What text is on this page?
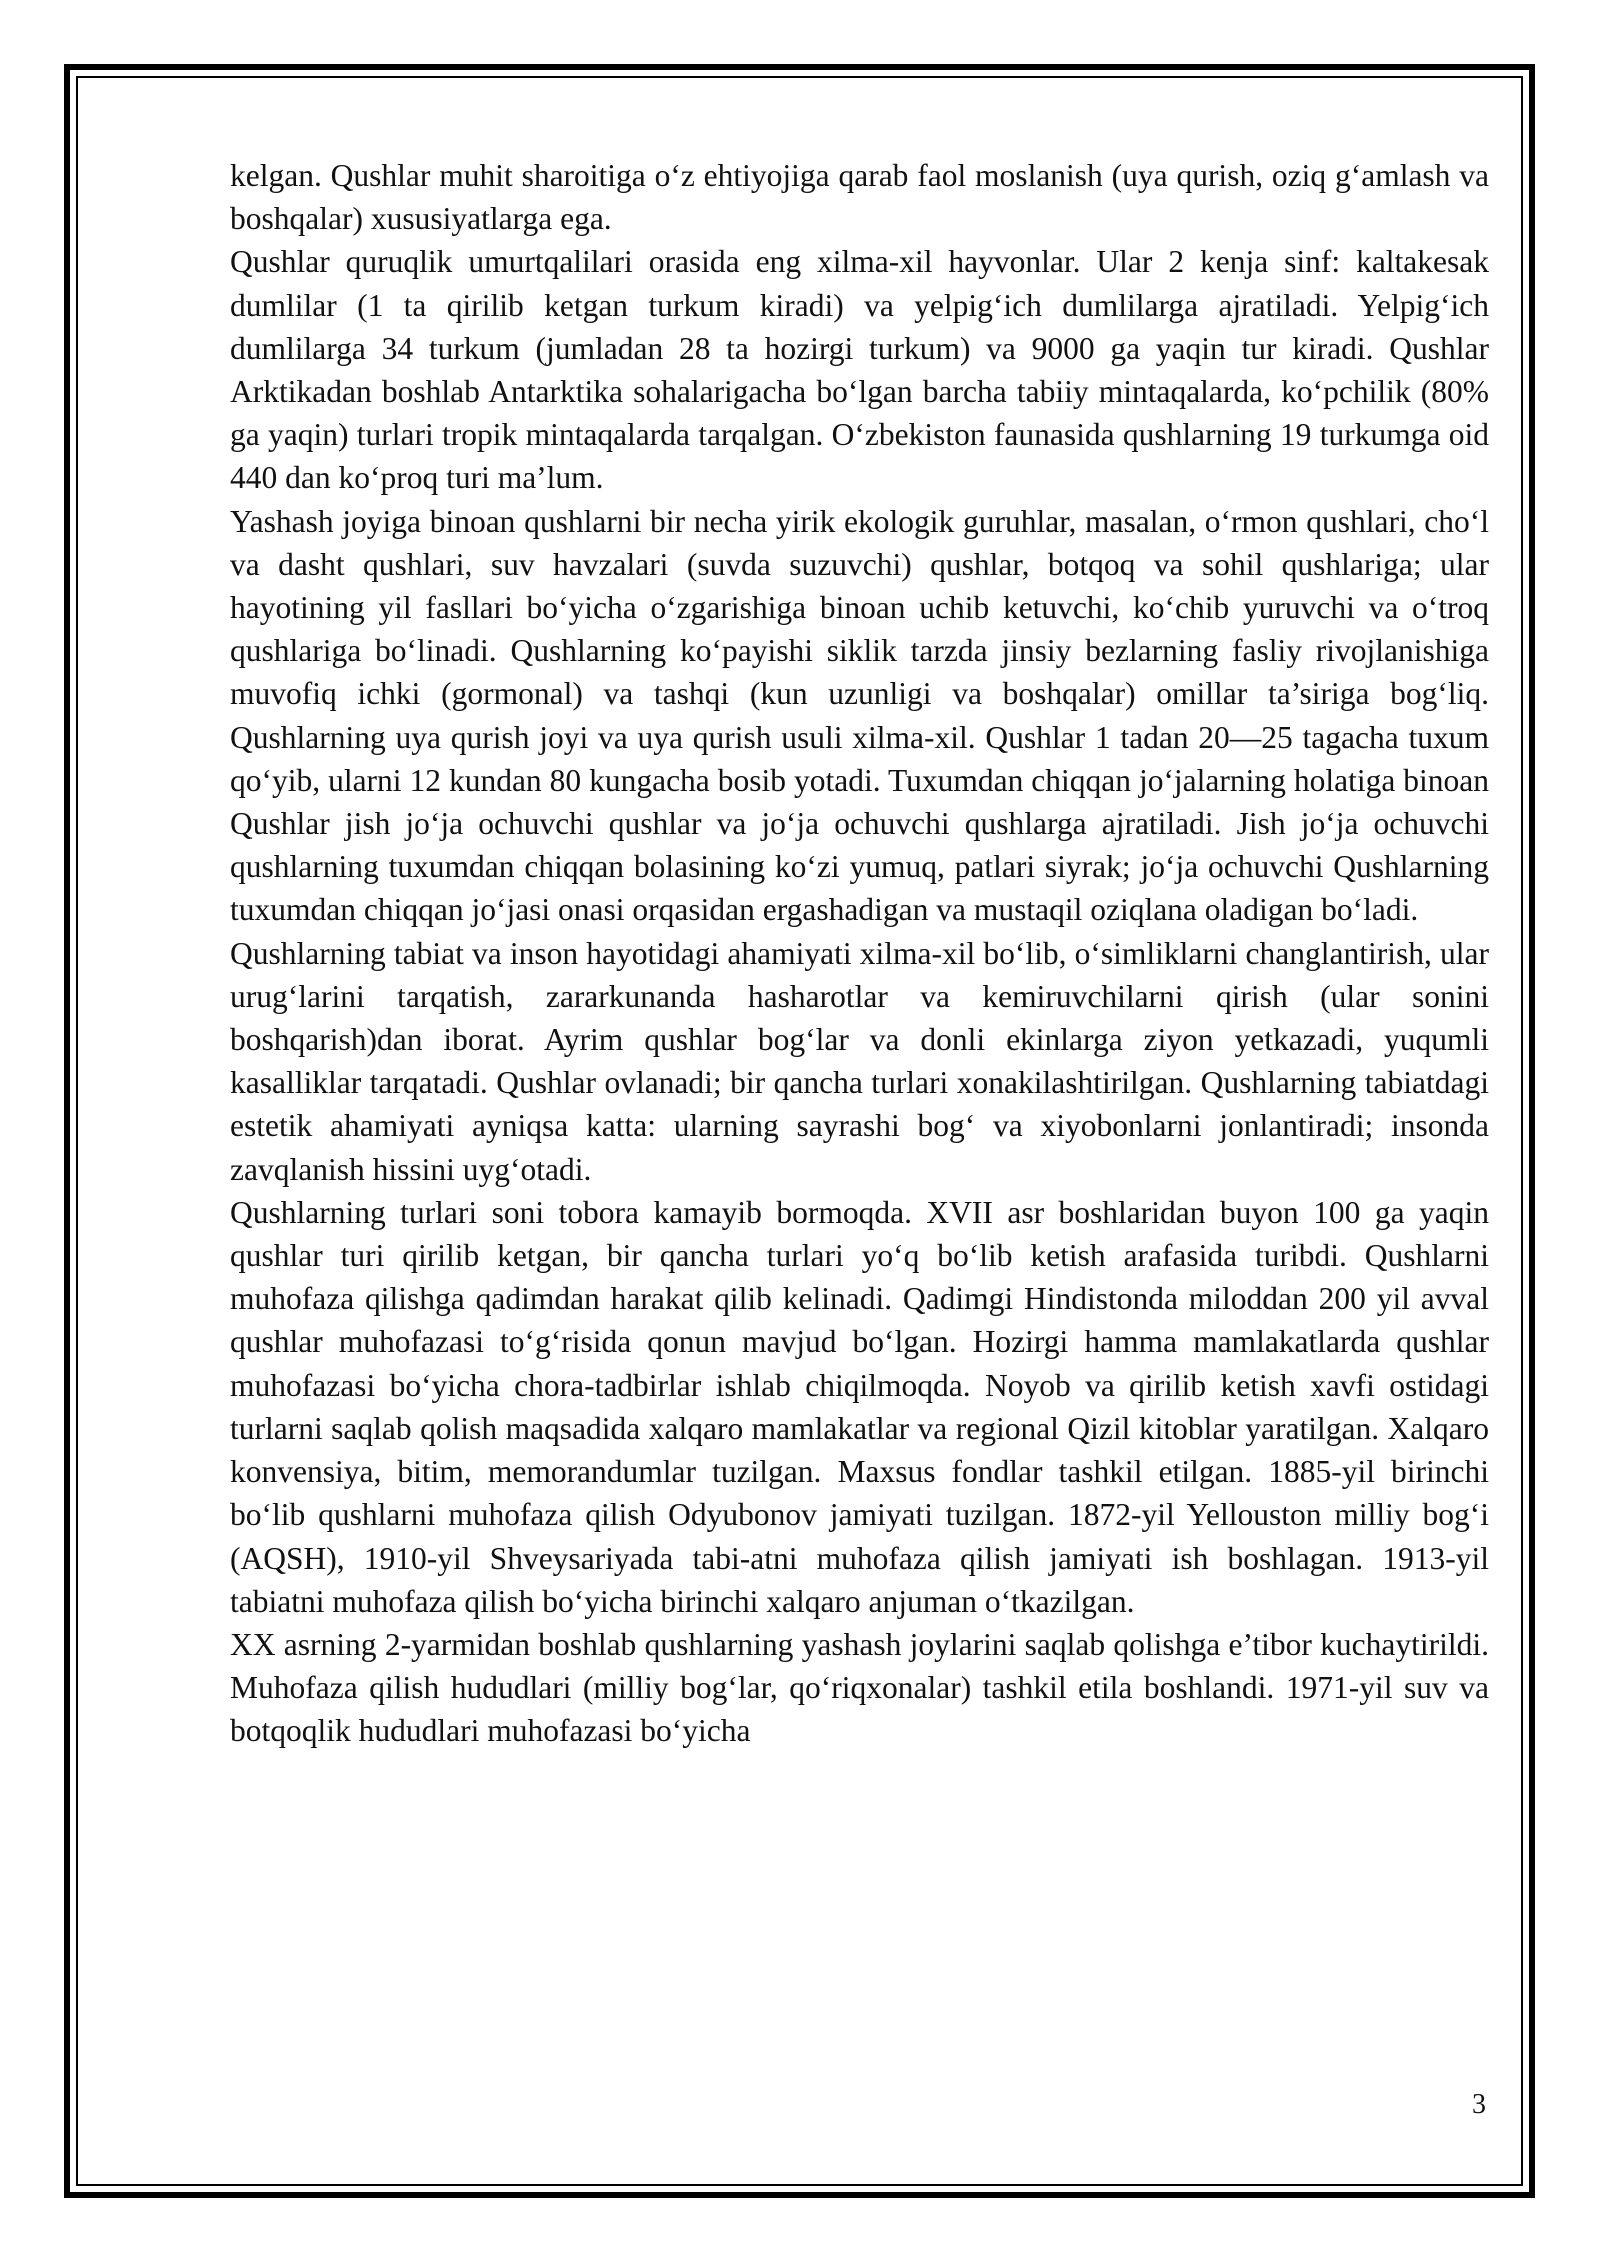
kelgan. Qushlar muhit sharoitiga o‘z ehtiyojiga qarab faol moslanish (uya qurish, oziq g‘amlash va boshqalar) xususiyatlarga ega.

Qushlar quruqlik umurtqalilari orasida eng xilma-xil hayvonlar. Ular 2 kenja sinf: kaltakesak dumlilar (1 ta qirilib ketgan turkum kiradi) va yelpig‘ich dumlilarga ajratiladi. Yelpig‘ich dumlilarga 34 turkum (jumladan 28 ta hozirgi turkum) va 9000 ga yaqin tur kiradi. Qushlar Arktikadan boshlab Antarktika sohalarigacha bo‘lgan barcha tabiiy mintaqalarda, ko‘pchilik (80% ga yaqin) turlari tropik mintaqalarda tarqalgan. O‘zbekiston faunasida qushlarning 19 turkumga oid 440 dan ko‘proq turi ma’lum.

Yashash joyiga binoan qushlarni bir necha yirik ekologik guruhlar, masalan, o‘rmon qushlari, cho‘l va dasht qushlari, suv havzalari (suvda suzuvchi) qushlar, botqoq va sohil qushlariga; ular hayotining yil fasllari bo‘yicha o‘zgarishiga binoan uchib ketuvchi, ko‘chib yuruvchi va o‘troq qushlariga bo‘linadi. Qushlarning ko‘payishi siklik tarzda jinsiy bezlarning fasliy rivojlanishiga muvofiq ichki (gormonal) va tashqi (kun uzunligi va boshqalar) omillar ta’siriga bog‘liq. Qushlarning uya qurish joyi va uya qurish usuli xilma-xil. Qushlar 1 tadan 20—25 tagacha tuxum qo‘yib, ularni 12 kundan 80 kungacha bosib yotadi. Tuxumdan chiqqan jo‘jalarning holatiga binoan Qushlar jish jo‘ja ochuvchi qushlar va jo‘ja ochuvchi qushlarga ajratiladi. Jish jo‘ja ochuvchi qushlarning tuxumdan chiqqan bolasining ko‘zi yumuq, patlari siyrak; jo‘ja ochuvchi Qushlarning tuxumdan chiqqan jo‘jasi onasi orqasidan ergashadigan va mustaqil oziqlana oladigan bo‘ladi.

Qushlarning tabiat va inson hayotidagi ahamiyati xilma-xil bo‘lib, o‘simliklarni changlantirish, ular urug‘larini tarqatish, zararkunanda hasharotlar va kemiruvchilarni qirish (ular sonini boshqarish)dan iborat. Ayrim qushlar bog‘lar va donli ekinlarga ziyon yetkazadi, yuqumli kasalliklar tarqatadi. Qushlar ovlanadi; bir qancha turlari xonakilashtirilgan. Qushlarning tabiatdagi estetik ahamiyati ayniqsa katta: ularning sayrashi bog‘ va xiyobonlarni jonlantiradi; insonda zavqlanish hissini uyg‘otadi.

Qushlarning turlari soni tobora kamayib bormoqda. XVII asr boshlaridan buyon 100 ga yaqin qushlar turi qirilib ketgan, bir qancha turlari yo‘q bo‘lib ketish arafasida turibdi. Qushlarni muhofaza qilishga qadimdan harakat qilib kelinadi. Qadimgi Hindistonda miloddan 200 yil avval qushlar muhofazasi to‘g‘risida qonun mavjud bo‘lgan. Hozirgi hamma mamlakatlarda qushlar muhofazasi bo‘yicha chora-tadbirlar ishlab chiqilmoqda. Noyob va qirilib ketish xavfi ostidagi turlarni saqlab qolish maqsadida xalqaro mamlakatlar va regional Qizil kitoblar yaratilgan. Xalqaro konvensiya, bitim, memorandumlar tuzilgan. Maxsus fondlar tashkil etilgan. 1885-yil birinchi bo‘lib qushlarni muhofaza qilish Odyubonov jamiyati tuzilgan. 1872-yil Yellouston milliy bog‘i (AQSH), 1910-yil Shveysariyada tabi-atni muhofaza qilish jamiyati ish boshlagan. 1913-yil tabiatni muhofaza qilish bo‘yicha birinchi xalqaro anjuman o‘tkazilgan.

XX asrning 2-yarmidan boshlab qushlarning yashash joylarini saqlab qolishga e’tibor kuchaytirildi. Muhofaza qilish hududlari (milliy bog‘lar, qo‘riqxonalar) tashkil etila boshlandi. 1971-yil suv va botqoqlik hududlari muhofazasi bo‘yicha

3
